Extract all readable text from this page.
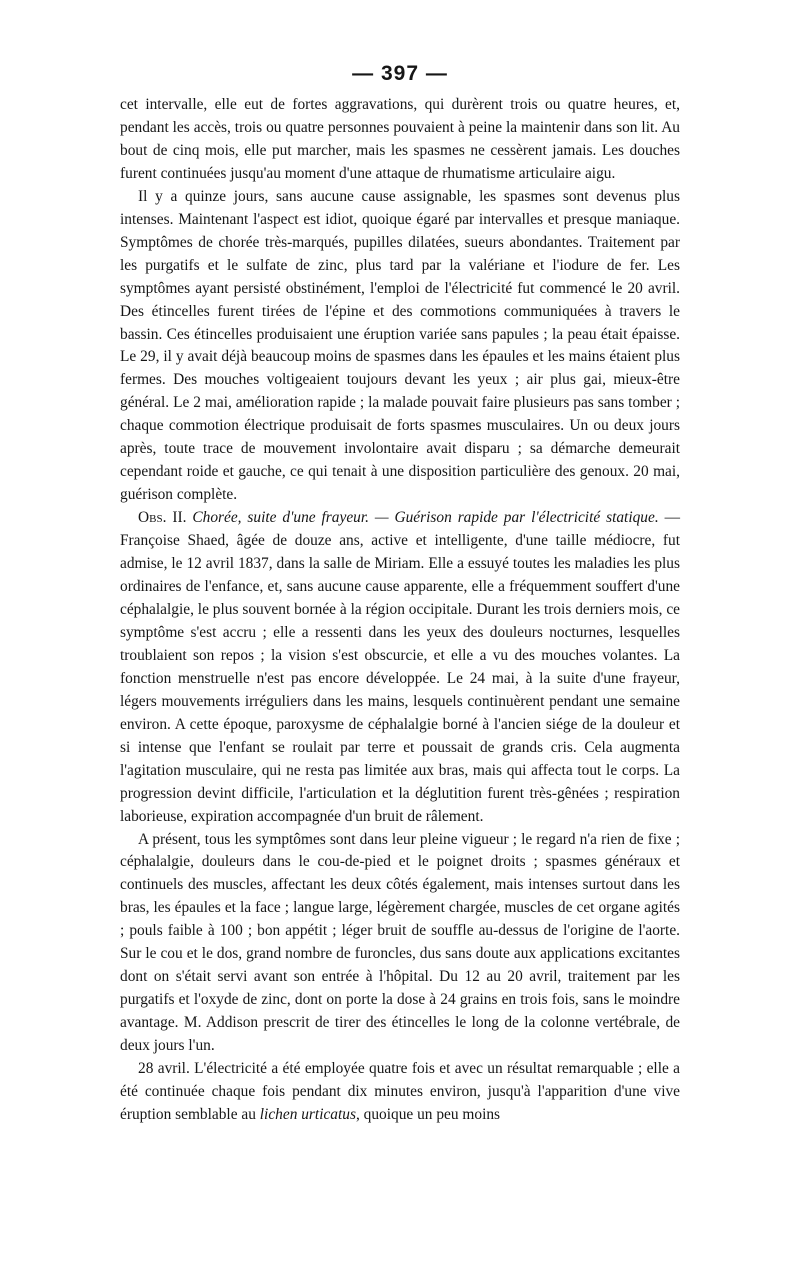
— 397 —

cet intervalle, elle eut de fortes aggravations, qui durèrent trois ou quatre heures, et, pendant les accès, trois ou quatre personnes pouvaient à peine la maintenir dans son lit. Au bout de cinq mois, elle put marcher, mais les spasmes ne cessèrent jamais. Les douches furent continuées jusqu'au moment d'une attaque de rhumatisme articulaire aigu.

Il y a quinze jours, sans aucune cause assignable, les spasmes sont devenus plus intenses. Maintenant l'aspect est idiot, quoique égaré par intervalles et presque maniaque. Symptômes de chorée très-marqués, pupilles dilatées, sueurs abondantes. Traitement par les purgatifs et le sulfate de zinc, plus tard par la valériane et l'iodure de fer. Les symptômes ayant persisté obstinément, l'emploi de l'électricité fut commencé le 20 avril. Des étincelles furent tirées de l'épine et des commotions communiquées à travers le bassin. Ces étincelles produisaient une éruption variée sans papules ; la peau était épaisse. Le 29, il y avait déjà beaucoup moins de spasmes dans les épaules et les mains étaient plus fermes. Des mouches voltigeaient toujours devant les yeux ; air plus gai, mieux-être général. Le 2 mai, amélioration rapide ; la malade pouvait faire plusieurs pas sans tomber ; chaque commotion électrique produisait de forts spasmes musculaires. Un ou deux jours après, toute trace de mouvement involontaire avait disparu ; sa démarche demeurait cependant roide et gauche, ce qui tenait à une disposition particulière des genoux. 20 mai, guérison complète.

Obs. II. Chorée, suite d'une frayeur. — Guérison rapide par l'électricité statique. — Françoise Shaed, âgée de douze ans, active et intelligente, d'une taille médiocre, fut admise, le 12 avril 1837, dans la salle de Miriam. Elle a essuyé toutes les maladies les plus ordinaires de l'enfance, et, sans aucune cause apparente, elle a fréquemment souffert d'une céphalalgie, le plus souvent bornée à la région occipitale. Durant les trois derniers mois, ce symptôme s'est accru ; elle a ressenti dans les yeux des douleurs nocturnes, lesquelles troublaient son repos ; la vision s'est obscurcie, et elle a vu des mouches volantes. La fonction menstruelle n'est pas encore développée. Le 24 mai, à la suite d'une frayeur, légers mouvements irréguliers dans les mains, lesquels continuèrent pendant une semaine environ. A cette époque, paroxysme de céphalalgie borné à l'ancien siége de la douleur et si intense que l'enfant se roulait par terre et poussait de grands cris. Cela augmenta l'agitation musculaire, qui ne resta pas limitée aux bras, mais qui affecta tout le corps. La progression devint difficile, l'articulation et la déglutition furent très-gênées ; respiration laborieuse, expiration accompagnée d'un bruit de râlement.

A présent, tous les symptômes sont dans leur pleine vigueur ; le regard n'a rien de fixe ; céphalalgie, douleurs dans le cou-de-pied et le poignet droits ; spasmes généraux et continuels des muscles, affectant les deux côtés également, mais intenses surtout dans les bras, les épaules et la face ; langue large, légèrement chargée, muscles de cet organe agités ; pouls faible à 100 ; bon appétit ; léger bruit de souffle au-dessus de l'origine de l'aorte. Sur le cou et le dos, grand nombre de furoncles, dus sans doute aux applications excitantes dont on s'était servi avant son entrée à l'hôpital. Du 12 au 20 avril, traitement par les purgatifs et l'oxyde de zinc, dont on porte la dose à 24 grains en trois fois, sans le moindre avantage. M. Addison prescrit de tirer des étincelles le long de la colonne vertébrale, de deux jours l'un.

28 avril. L'électricité a été employée quatre fois et avec un résultat remarquable ; elle a été continuée chaque fois pendant dix minutes environ, jusqu'à l'apparition d'une vive éruption semblable au lichen urticatus, quoique un peu moins
